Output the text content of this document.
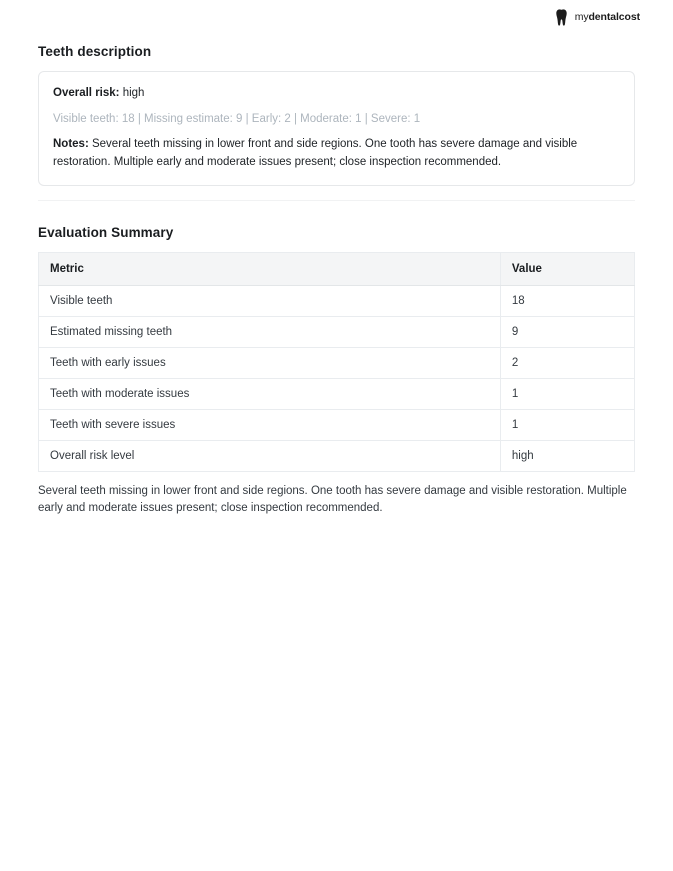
mydentalcost
Teeth description
Overall risk: high
Visible teeth: 18 | Missing estimate: 9 | Early: 2 | Moderate: 1 | Severe: 1
Notes: Several teeth missing in lower front and side regions. One tooth has severe damage and visible restoration. Multiple early and moderate issues present; close inspection recommended.
Evaluation Summary
Metric	Value
Visible teeth	18
Estimated missing teeth	9
Teeth with early issues	2
Teeth with moderate issues	1
Teeth with severe issues	1
Overall risk level	high

Several teeth missing in lower front and side regions. One tooth has severe damage and visible restoration. Multiple early and moderate issues present; close inspection recommended.
